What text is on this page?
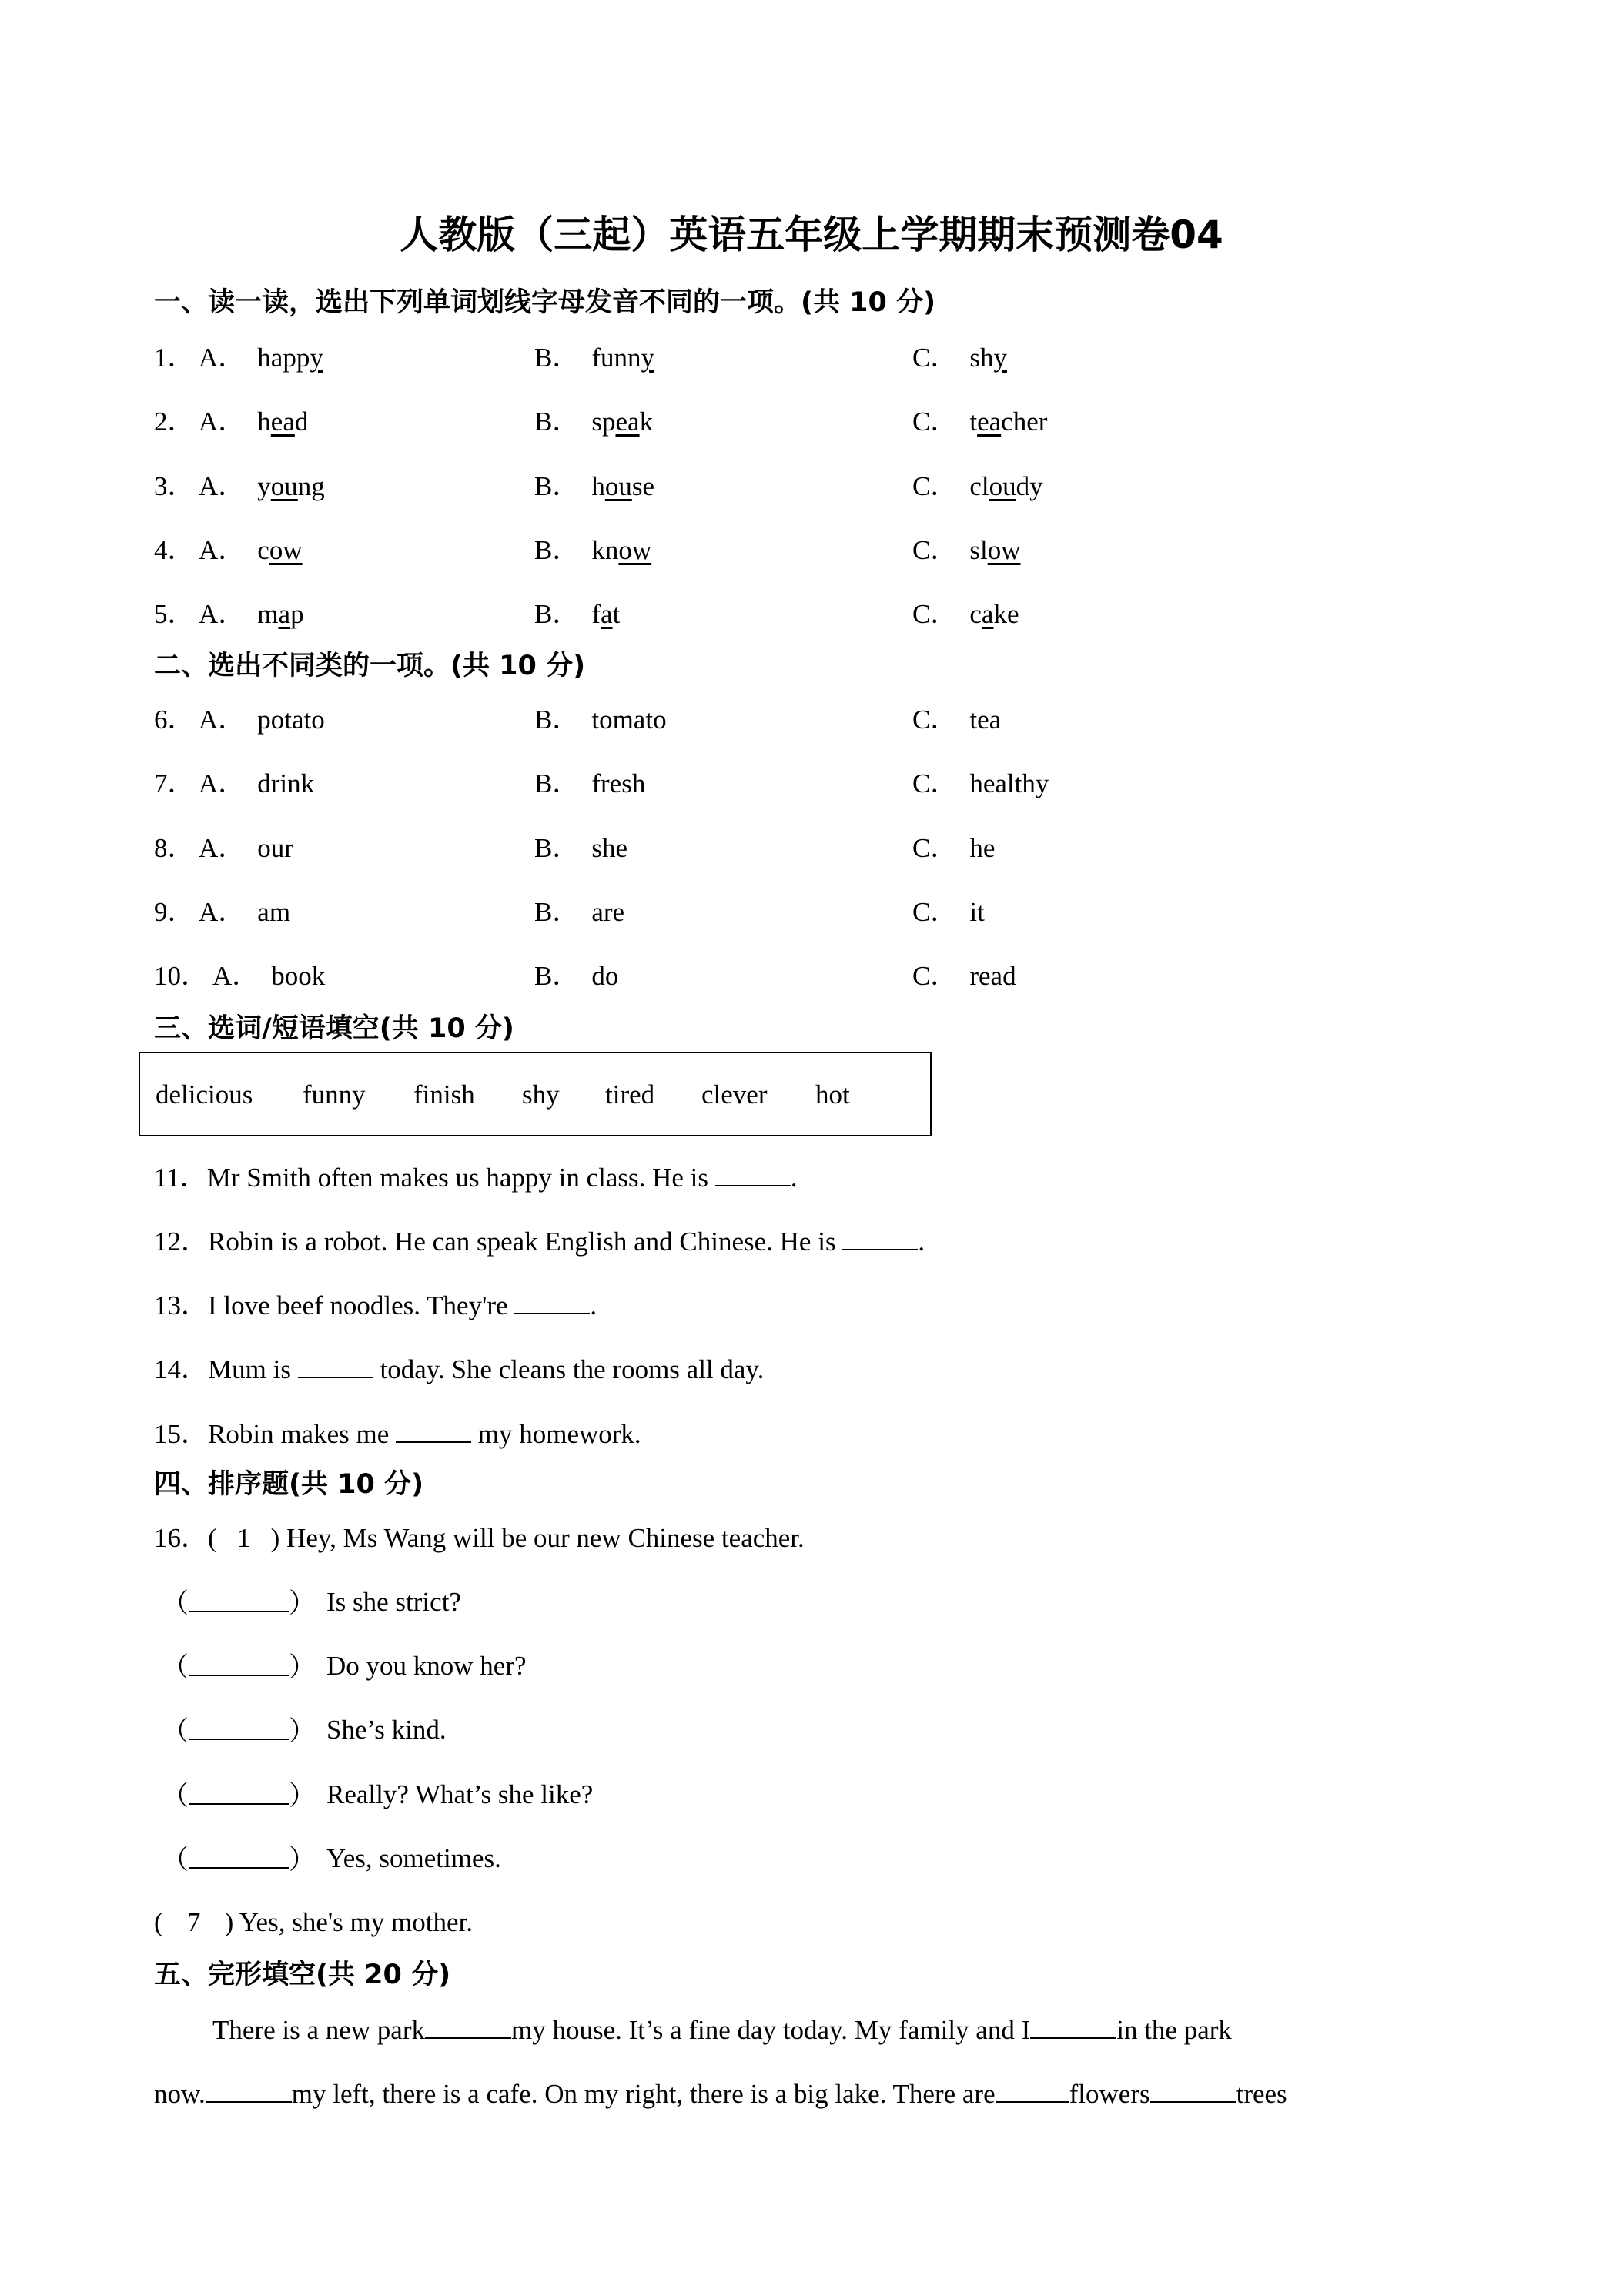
人教版（三起）英语五年级上学期期末预测卷04
一、读一读，选出下列单词划线字母发音不同的一项。(共 10 分)
1． A． happy	B． funny	C． shy
2． A． head	B． speak	C． teacher
3． A． young	B． house	C． cloudy
4． A． cow	B． know	C． slow
5． A． map	B． fat	C． cake
二、选出不同类的一项。(共 10 分)
6． A． potato	B． tomato	C． tea
7． A． drink	B． fresh	C． healthy
8． A． our	B． she	C． he
9． A． am	B． are	C． it
10． A． book	B． do	C． read
三、选词/短语填空(共 10 分)
delicious funny finish shy tired clever hot
11．Mr Smith often makes us happy in class. He is	.
12．Robin is a robot. He can speak English and Chinese. He is	.
13．I love beef noodles. They're	.
14．Mum is	today. She cleans the rooms all day.
15．Robin makes me	my homework.
四、排序题(共 10 分)
16．( 1 ) Hey, Ms Wang will be our new Chinese teacher.
（	） Is she strict?
（	） Do you know her?
（	） She’s kind.
（	） Really? What’s she like?
（	） Yes, sometimes.
( 7 ) Yes, she's my mother.
五、完形填空(共 20 分)
There is a new park	my house. It’s a fine day today. My family and I	in the park
now.	my left, there is a cafe. On my right, there is a big lake. There are	flowers	trees
